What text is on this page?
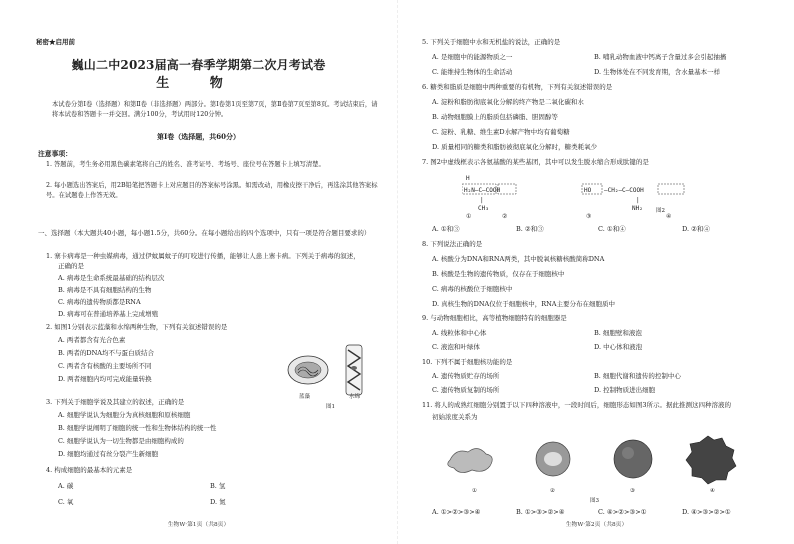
秘密★启用前
巍山二中2023届高一春季学期第二次月考试卷
生 物
本试卷分第Ⅰ卷（选择题）和第Ⅱ卷（非选择题）两部分。第Ⅰ卷第1页至第7页，第Ⅱ卷第7页至第8页。考试结束后，请将本试卷和答题卡一并交回。满分100分，考试用时120分钟。
第Ⅰ卷（选择题，共60分）
注意事项：
1. 答题前，考生务必用黑色碳素笔将自己的姓名、准考证号、考场号、座位号在答题卡上填写清楚。
2. 每小题选出答案后，用2B铅笔把答题卡上对应题目的答案标号涂黑。如需改动，用橡皮擦干净后，再选涂其他答案标号。在试题卷上作答无效。
一、选择题（本大题共40小题，每小题1.5分，共60分。在每小题给出的四个选项中，只有一项是符合题目要求的）
1. 寨卡病毒是一种虫媒病毒，通过伊蚊属蚊子的叮咬进行传播，能够让人患上寨卡病。下列关于病毒的叙述，
正确的是
A. 病毒是生命系统最基础的结构层次
B. 病毒是不具有细胞结构的生物
C. 病毒的遗传物质都是RNA
D. 病毒可在普通培养基上完成增殖
2. 如图1分别表示蓝藻和水绵两种生物，下列有关叙述错误的是
A. 两者都含有光合色素
B. 两者的DNA均不与蛋白质结合
C. 两者含有核酸的主要场所不同
D. 两者细胞内均可完成能量转换
蓝藻	水绵
图1
3. 下列关于细胞学说及其建立的叙述，正确的是
A. 细胞学说认为细胞分为真核细胞和原核细胞
B. 细胞学说阐明了细胞的统一性和生物体结构的统一性
C. 细胞学说认为一切生物都是由细胞构成的
D. 细胞均通过有丝分裂产生新细胞
4. 构成细胞的最基本的元素是
A. 碳	B. 氢
C. 氧	D. 氮
生物W·第1页（共8页）
5. 下列关于细胞中水和无机盐的说法，正确的是
A. 是细胞中的能源物质之一	B. 哺乳动物血液中钙离子含量过多会引起抽搐
C. 能维持生物体的生命活动	D. 生物体处在不同发育期，含水量基本一样
6. 糖类和脂质是细胞中两种重要的有机物，下列有关叙述错误的是
A. 淀粉和脂肪彻底氧化分解的终产物是二氧化碳和水
B. 动物细胞膜上的脂质包括磷脂、胆固醇等
C. 淀粉、乳糖、维生素D水解产物中均有葡萄糖
D. 质量相同的糖类和脂肪被彻底氧化分解时，糖类耗氧少
7. 图2中虚线框表示各氨基酸的某些基团，其中可以发生脱水缩合形成肽键的是
H
H₂N–C–COOH
|
CH₃
①	②
HO –CH₂–C–COOH
|
NH₂
③	④
图2
A. ①和③	B. ②和③	C. ①和④	D. ②和④
8. 下列说法正确的是
A. 核酸分为DNA和RNA两类，其中脱氧核糖核酸简称DNA
B. 核酸是生物的遗传物质，仅存在于细胞核中
C. 病毒的核酸位于细胞核中
D. 真核生物的DNA仅位于细胞核中，RNA主要分布在细胞质中
9. 与动物细胞相比，高等植物细胞特有的细胞器是
A. 线粒体和中心体	B. 细胞壁和液泡
C. 液泡和叶绿体	D. 中心体和液泡
10. 下列不属于细胞核功能的是
A. 遗传物质贮存的场所	B. 细胞代谢和遗传的控制中心
C. 遗传物质复制的场所	D. 控制物质进出细胞
11. 将人的成熟红细胞分别置于以下四种溶液中，一段时间后，细胞形态如图3所示。据此推测这四种溶液的
初始浓度关系为
①	②	③	④
图3
A. ①>②>③>④	B. ①>③>②>④	C. ④>②>③>①	D. ④>③>②>①
生物W·第2页（共8页）
